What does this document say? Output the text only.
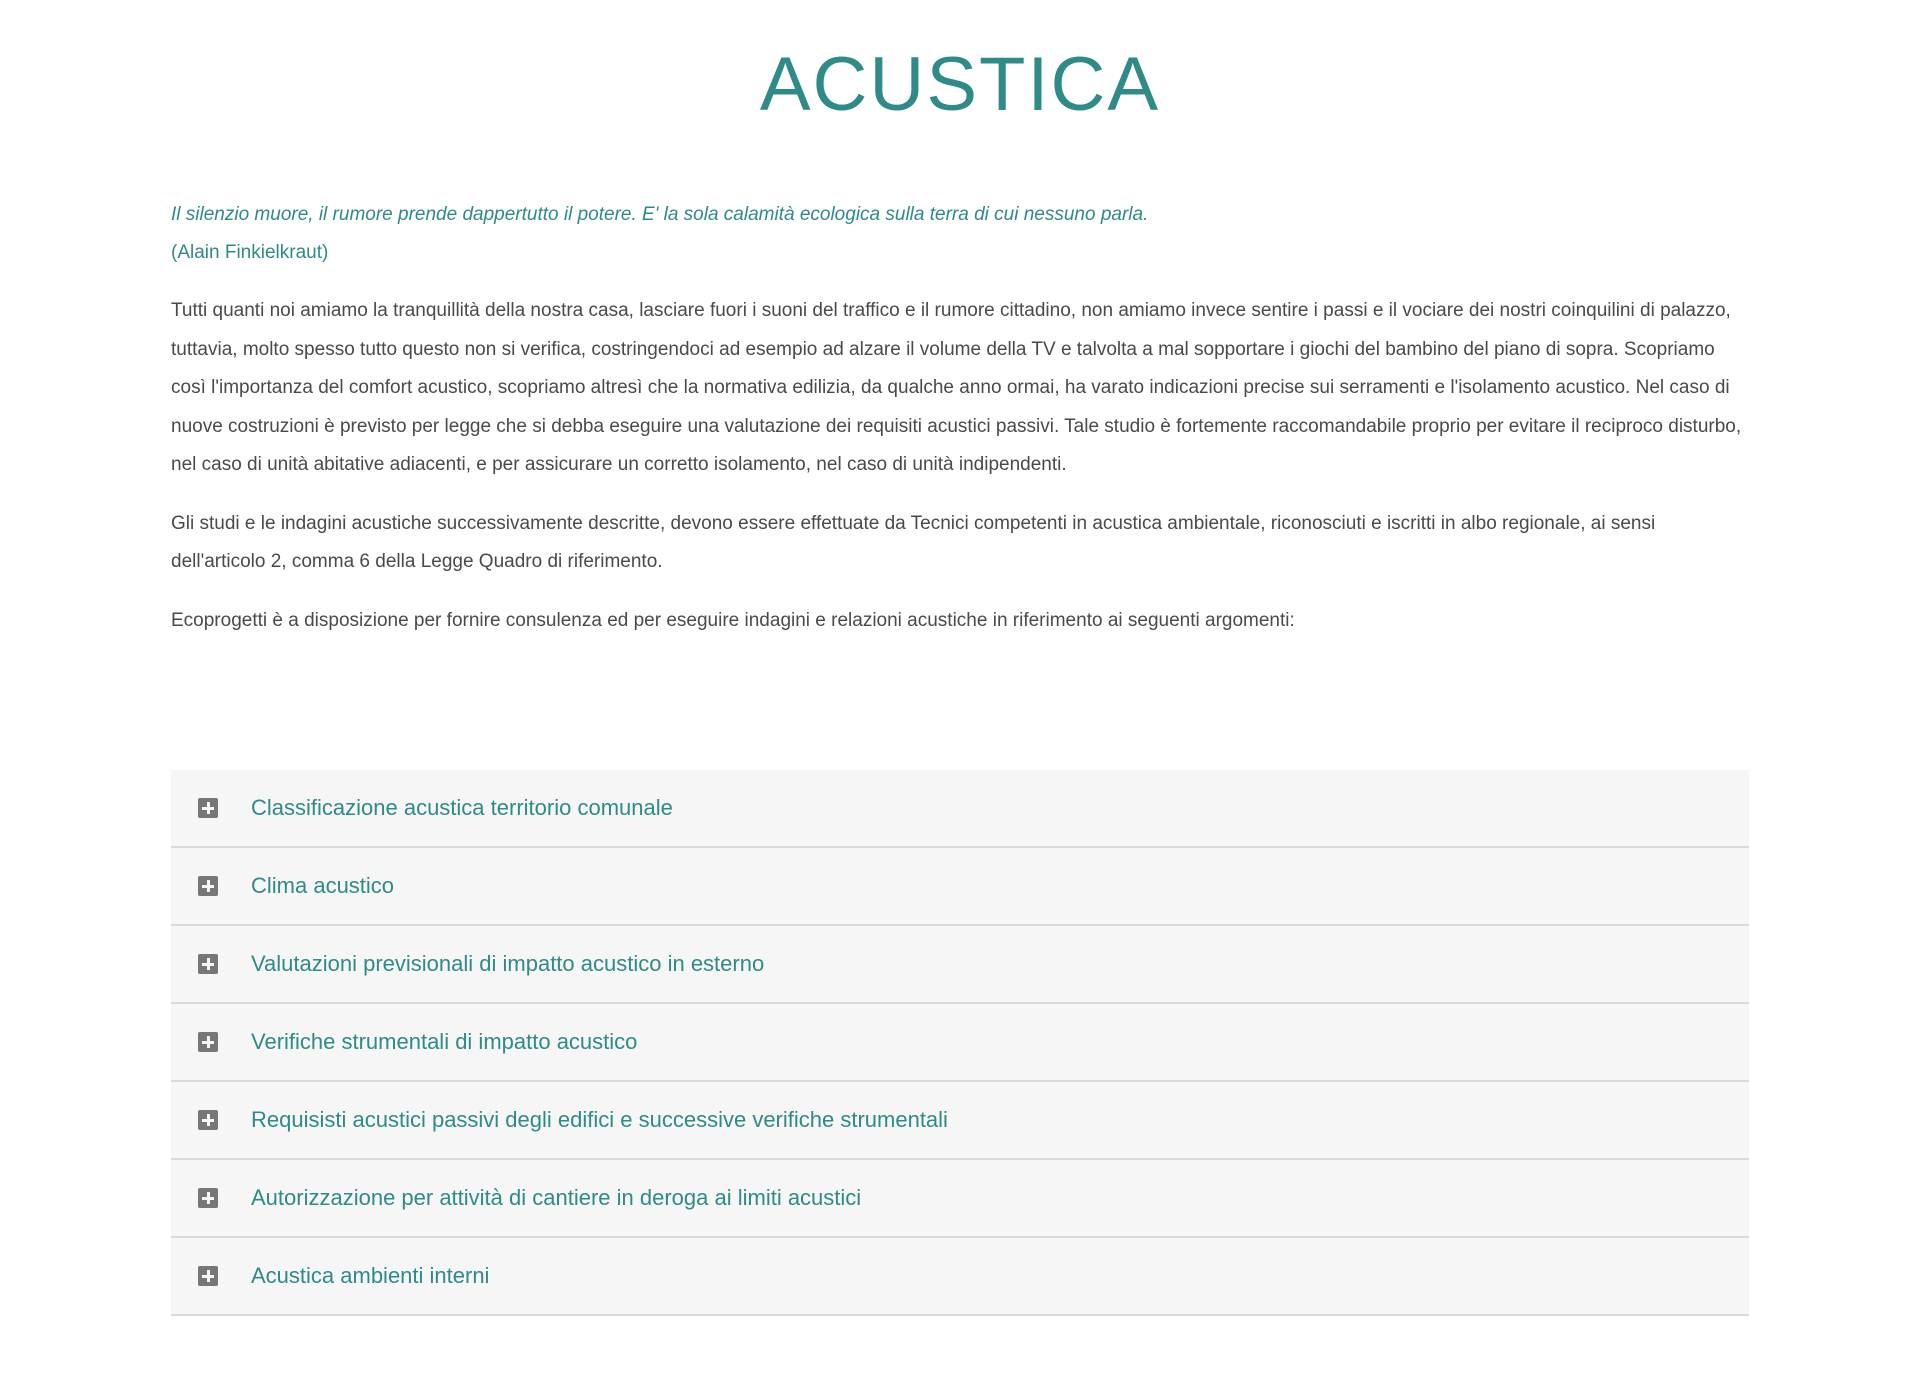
ACUSTICA

Il silenzio muore, il rumore prende dappertutto il potere. E' la sola calamità ecologica sulla terra di cui nessuno parla.

(Alain Finkielkraut)

Tutti quanti noi amiamo la tranquillità della nostra casa, lasciare fuori i suoni del traffico e il rumore cittadino, non amiamo invece sentire i passi e il vociare dei nostri coinquilini di palazzo, tuttavia, molto spesso tutto questo non si verifica, costringendoci ad esempio ad alzare il volume della TV e talvolta a mal sopportare i giochi del bambino del piano di sopra. Scopriamo così l'importanza del comfort acustico, scopriamo altresì che la normativa edilizia, da qualche anno ormai, ha varato indicazioni precise sui serramenti e l'isolamento acustico. Nel caso di nuove costruzioni è previsto per legge che si debba eseguire una valutazione dei requisiti acustici passivi. Tale studio è fortemente raccomandabile proprio per evitare il reciproco disturbo, nel caso di unità abitative adiacenti, e per assicurare un corretto isolamento, nel caso di unità indipendenti.

Gli studi e le indagini acustiche successivamente descritte, devono essere effettuate da Tecnici competenti in acustica ambientale, riconosciuti e iscritti in albo regionale, ai sensi dell'articolo 2, comma 6 della Legge Quadro di riferimento.

Ecoprogetti è a disposizione per fornire consulenza ed per eseguire indagini e relazioni acustiche in riferimento ai seguenti argomenti:

Classificazione acustica territorio comunale
Clima acustico
Valutazioni previsionali di impatto acustico in esterno
Verifiche strumentali di impatto acustico
Requisisti acustici passivi degli edifici e successive verifiche strumentali
Autorizzazione per attività di cantiere in deroga ai limiti acustici
Acustica ambienti interni
